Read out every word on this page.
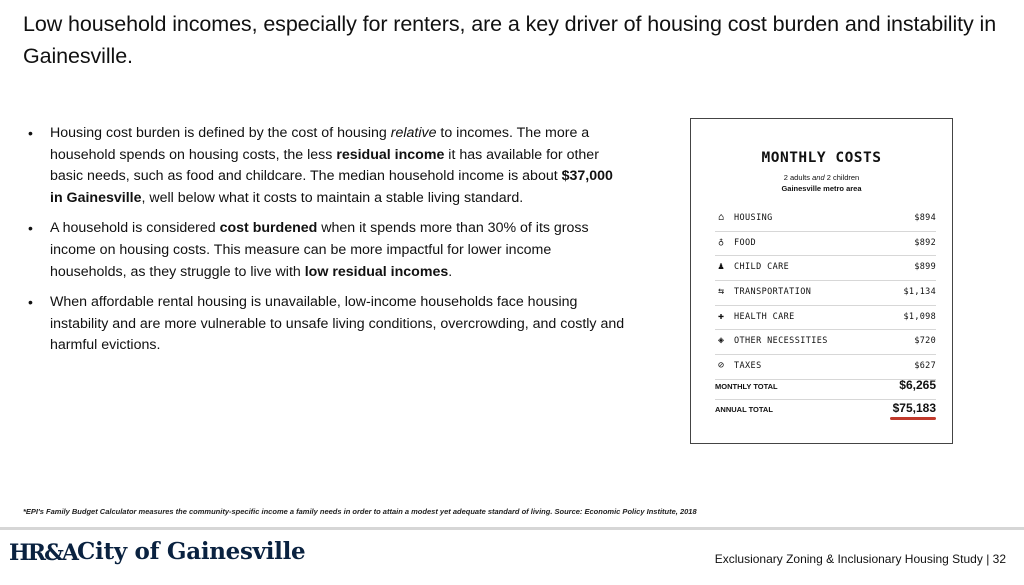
Low household incomes, especially for renters, are a key driver of housing cost burden and instability in Gainesville.
• Housing cost burden is defined by the cost of housing relative to incomes. The more a household spends on housing costs, the less residual income it has available for other basic needs, such as food and childcare. The median household income is about $37,000 in Gainesville, well below what it costs to maintain a stable living standard.
• A household is considered cost burdened when it spends more than 30% of its gross income on housing costs. This measure can be more impactful for lower income households, as they struggle to live with low residual incomes.
• When affordable rental housing is unavailable, low-income households face housing instability and are more vulnerable to unsafe living conditions, overcrowding, and costly and harmful evictions.
MONTHLY COSTS
2 adults and 2 children
Gainesville metro area
⌂	HOUSING	$894
♁	FOOD	$892
♟	CHILD CARE	$899
⇆	TRANSPORTATION	$1,134
✚	HEALTH CARE	$1,098
◈	OTHER NECESSITIES	$720
⊘	TAXES	$627
MONTHLY TOTAL	$6,265
ANNUAL TOTAL	$75,183
*EPI's Family Budget Calculator measures the community-specific income a family needs in order to attain a modest yet adequate standard of living. Source: Economic Policy Institute, 2018
HR&A City of Gainesville	Exclusionary Zoning & Inclusionary Housing Study | 32
